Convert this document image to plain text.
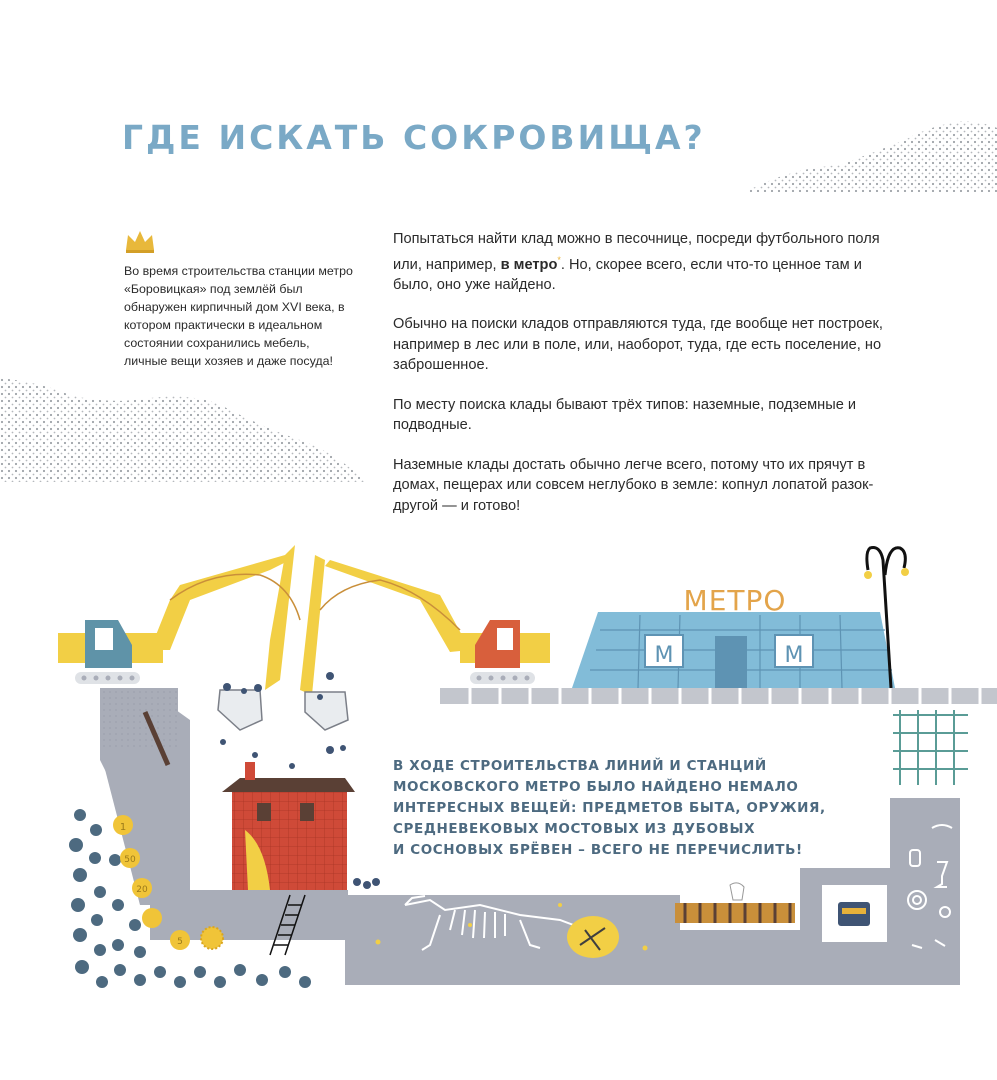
ГДЕ ИСКАТЬ СОКРОВИЩА?

Во время строительства станции метро «Боровицкая» под землёй был обнаружен кирпичный дом XVI века, в котором практически в идеальном состоянии сохранились мебель, личные вещи хозяев и даже посуда!

Попытаться найти клад можно в песочнице, посреди футбольного поля или, например, в метро*. Но, скорее всего, если что-то ценное там и было, оно уже найдено.

Обычно на поиски кладов отправляются туда, где вообще нет построек, например в лес или в поле, или, наоборот, туда, где есть поселение, но заброшенное.

По месту поиска клады бывают трёх типов: наземные, подземные и подводные.

Наземные клады достать обычно легче всего, потому что их прячут в домах, пещерах или совсем неглубоко в земле: копнул лопатой разок-другой — и готово!

M	M
МЕТРО
1
50
20
5
В ХОДЕ СТРОИТЕЛЬСТВА ЛИНИЙ И СТАНЦИЙ
МОСКОВСКОГО МЕТРО БЫЛО НАЙДЕНО НЕМАЛО
ИНТЕРЕСНЫХ ВЕЩЕЙ: ПРЕДМЕТОВ БЫТА, ОРУЖИЯ,
СРЕДНЕВЕКОВЫХ МОСТОВЫХ ИЗ ДУБОВЫХ
И СОСНОВЫХ БРЁВЕН – ВСЕГО НЕ ПЕРЕЧИСЛИТЬ!
